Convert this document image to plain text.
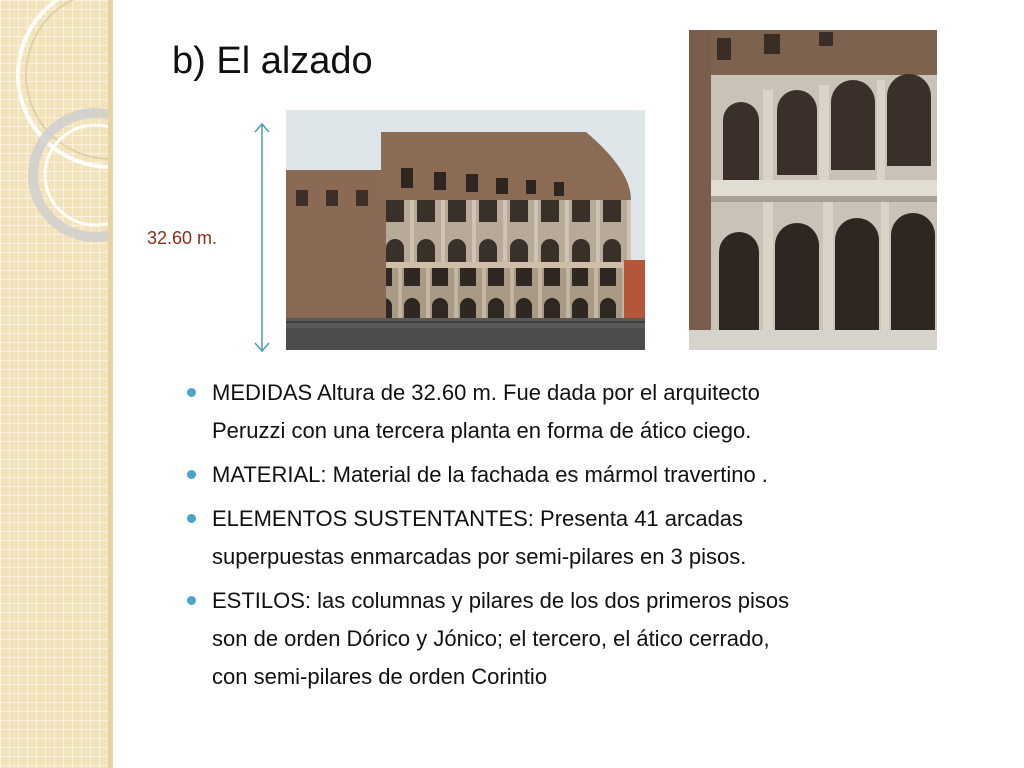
b) El alzado
32.60 m.
MEDIDAS Altura de 32.60 m. Fue dada por el arquitecto
Peruzzi con una tercera planta en forma de ático ciego.
MATERIAL: Material de la fachada es mármol travertino .
ELEMENTOS SUSTENTANTES: Presenta 41 arcadas
superpuestas enmarcadas por semi-pilares en 3 pisos.
ESTILOS: las columnas y pilares de los dos primeros pisos
son de orden Dórico y Jónico; el tercero, el ático cerrado,
con semi-pilares de orden Corintio
